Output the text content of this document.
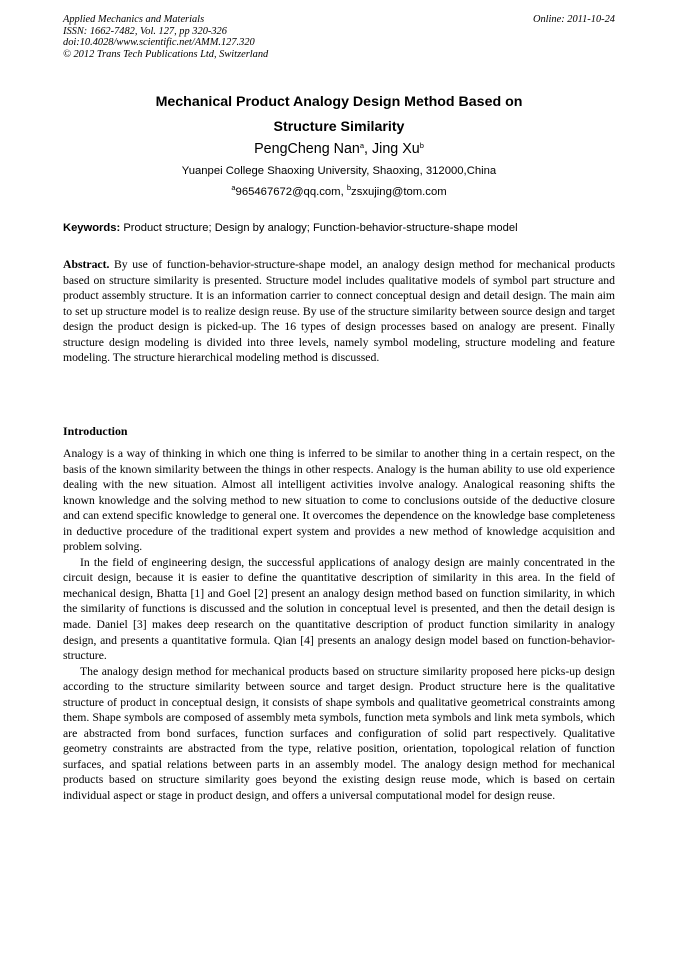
Applied Mechanics and Materials
ISSN: 1662-7482, Vol. 127, pp 320-326
doi:10.4028/www.scientific.net/AMM.127.320
© 2012 Trans Tech Publications Ltd, Switzerland
Online: 2011-10-24
Mechanical Product Analogy Design Method Based on
Structure Similarity
PengCheng Nan$^a$, Jing Xu$^b$
Yuanpei College Shaoxing University, Shaoxing, 312000,China
$^a$965467672@qq.com, $^b$zsxujing@tom.com
Keywords: Product structure; Design by analogy; Function-behavior-structure-shape model

Abstract. By use of function-behavior-structure-shape model, an analogy design method for mechanical products based on structure similarity is presented. Structure model includes qualitative models of symbol part structure and product assembly structure. It is an information carrier to connect conceptual design and detail design. The main aim to set up structure model is to realize design reuse. By use of the structure similarity between source design and target design the product design is picked-up. The 16 types of design processes based on analogy are present. Finally structure design modeling is divided into three levels, namely symbol modeling, structure modeling and feature modeling. The structure hierarchical modeling method is discussed.

Introduction

Analogy is a way of thinking in which one thing is inferred to be similar to another thing in a certain respect, on the basis of the known similarity between the things in other respects. Analogy is the human ability to use old experience dealing with the new situation. Almost all intelligent activities involve analogy. Analogical reasoning shifts the known knowledge and the solving method to new situation to come to conclusions outside of the deductive closure and can extend specific knowledge to general one. It overcomes the dependence on the knowledge base completeness in deductive procedure of the traditional expert system and provides a new method of knowledge acquisition and problem solving.

In the field of engineering design, the successful applications of analogy design are mainly concentrated in the circuit design, because it is easier to define the quantitative description of similarity in this area. In the field of mechanical design, Bhatta [1] and Goel [2] present an analogy design method based on function similarity, in which the similarity of functions is discussed and the solution in conceptual level is presented, and then the detail design is made. Daniel [3] makes deep research on the quantitative description of product function similarity in analogy design, and presents a quantitative formula. Qian [4] presents an analogy design model based on function-behavior-structure.

The analogy design method for mechanical products based on structure similarity proposed here picks-up design according to the structure similarity between source and target design. Product structure here is the qualitative structure of product in conceptual design, it consists of shape symbols and qualitative geometrical constraints among them. Shape symbols are composed of assembly meta symbols, function meta symbols and link meta symbols, which are abstracted from bond surfaces, function surfaces and configuration of solid part respectively. Qualitative geometry constraints are abstracted from the type, relative position, orientation, topological relation of function surfaces, and spatial relations between parts in an assembly model. The analogy design method for mechanical products based on structure similarity goes beyond the existing design reuse mode, which is based on certain individual aspect or stage in product design, and offers a universal computational model for design reuse.
